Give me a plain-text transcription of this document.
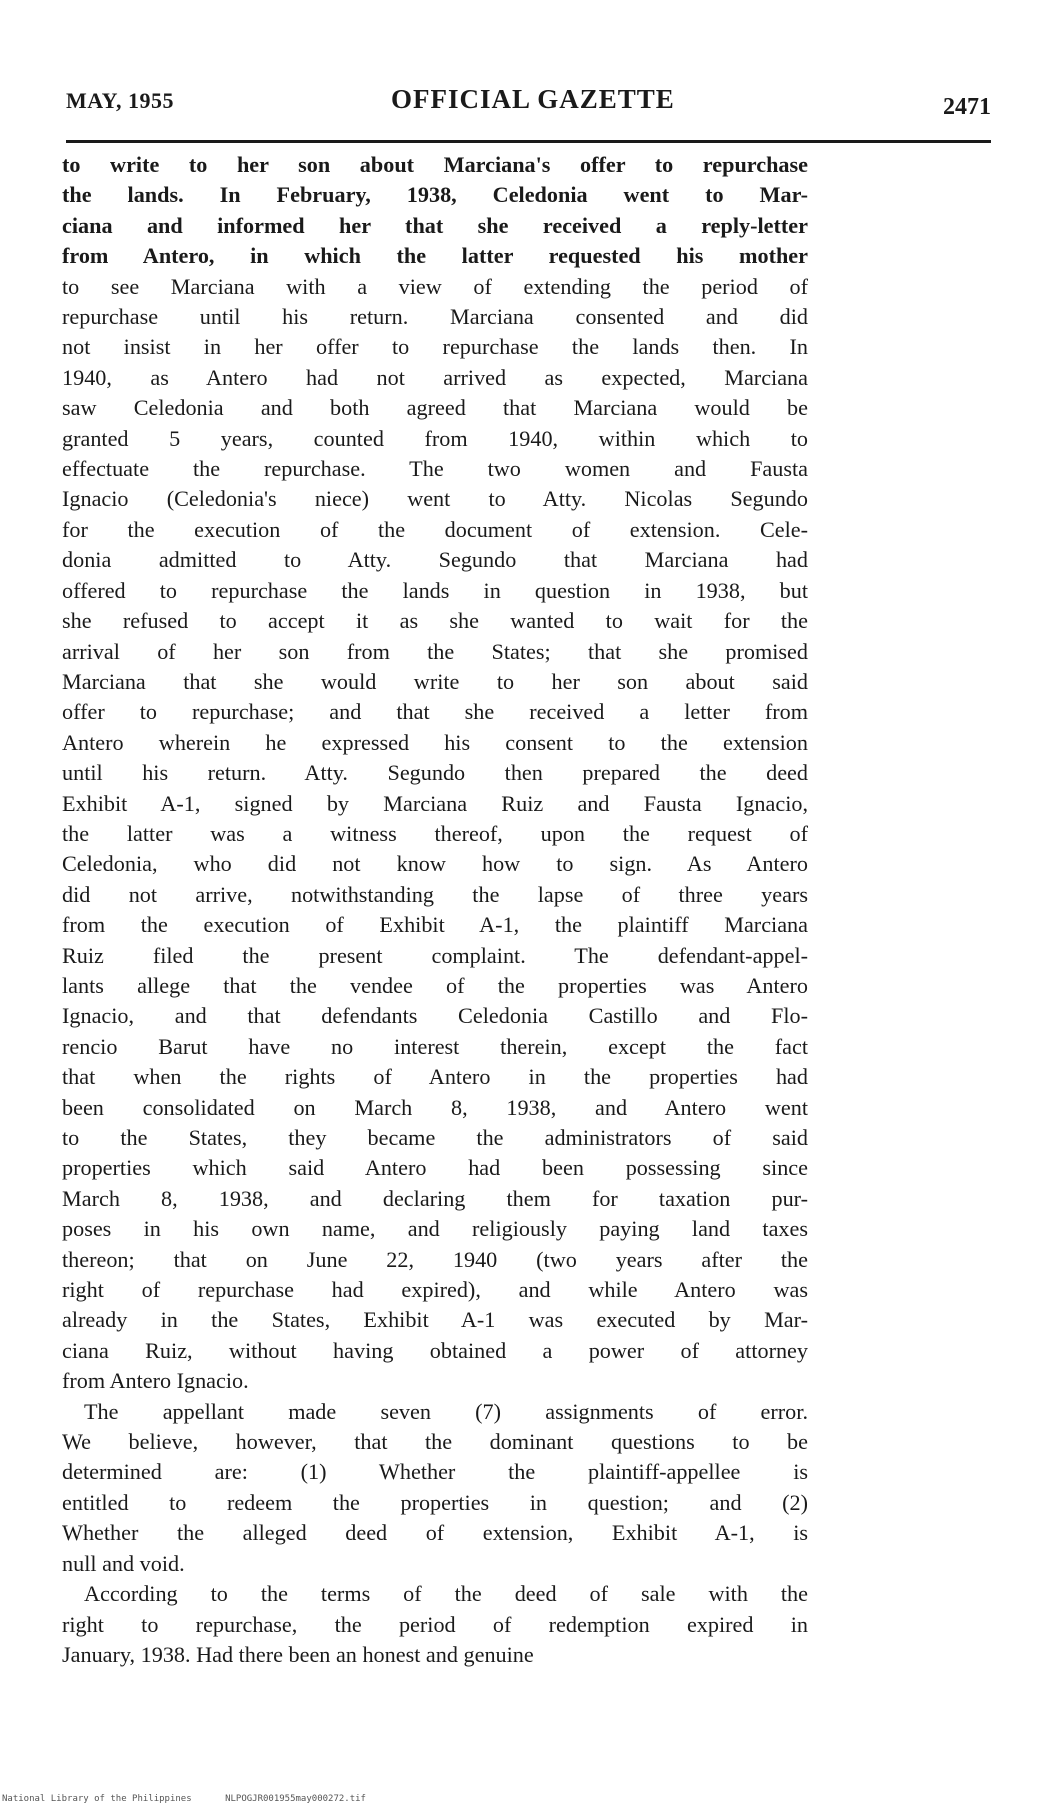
MAY, 1955	OFFICIAL GAZETTE	2471

to write to her son about Marciana's offer to repurchase
the lands. In February, 1938, Celedonia went to Mar-
ciana and informed her that she received a reply-letter
from Antero, in which the latter requested his mother
to see Marciana with a view of extending the period of
repurchase until his return. Marciana consented and did
not insist in her offer to repurchase the lands then. In
1940, as Antero had not arrived as expected, Marciana
saw Celedonia and both agreed that Marciana would be
granted 5 years, counted from 1940, within which to
effectuate the repurchase. The two women and Fausta
Ignacio (Celedonia's niece) went to Atty. Nicolas Segundo
for the execution of the document of extension. Cele-
donia admitted to Atty. Segundo that Marciana had
offered to repurchase the lands in question in 1938, but
she refused to accept it as she wanted to wait for the
arrival of her son from the States; that she promised
Marciana that she would write to her son about said
offer to repurchase; and that she received a letter from
Antero wherein he expressed his consent to the extension
until his return. Atty. Segundo then prepared the deed
Exhibit A-1, signed by Marciana Ruiz and Fausta Ignacio,
the latter was a witness thereof, upon the request of
Celedonia, who did not know how to sign. As Antero
did not arrive, notwithstanding the lapse of three years
from the execution of Exhibit A-1, the plaintiff Marciana
Ruiz filed the present complaint. The defendant-appel-
lants allege that the vendee of the properties was Antero
Ignacio, and that defendants Celedonia Castillo and Flo-
rencio Barut have no interest therein, except the fact
that when the rights of Antero in the properties had
been consolidated on March 8, 1938, and Antero went
to the States, they became the administrators of said
properties which said Antero had been possessing since
March 8, 1938, and declaring them for taxation pur-
poses in his own name, and religiously paying land taxes
thereon; that on June 22, 1940 (two years after the
right of repurchase had expired), and while Antero was
already in the States, Exhibit A-1 was executed by Mar-
ciana Ruiz, without having obtained a power of attorney
from Antero Ignacio.

The appellant made seven (7) assignments of error.
We believe, however, that the dominant questions to be
determined are: (1) Whether the plaintiff-appellee is
entitled to redeem the properties in question; and (2)
Whether the alleged deed of extension, Exhibit A-1, is
null and void.

According to the terms of the deed of sale with the
right to repurchase, the period of redemption expired in
January, 1938. Had there been an honest and genuine

National Library of the Philippines	NLPOGJR001955may000272.tif
